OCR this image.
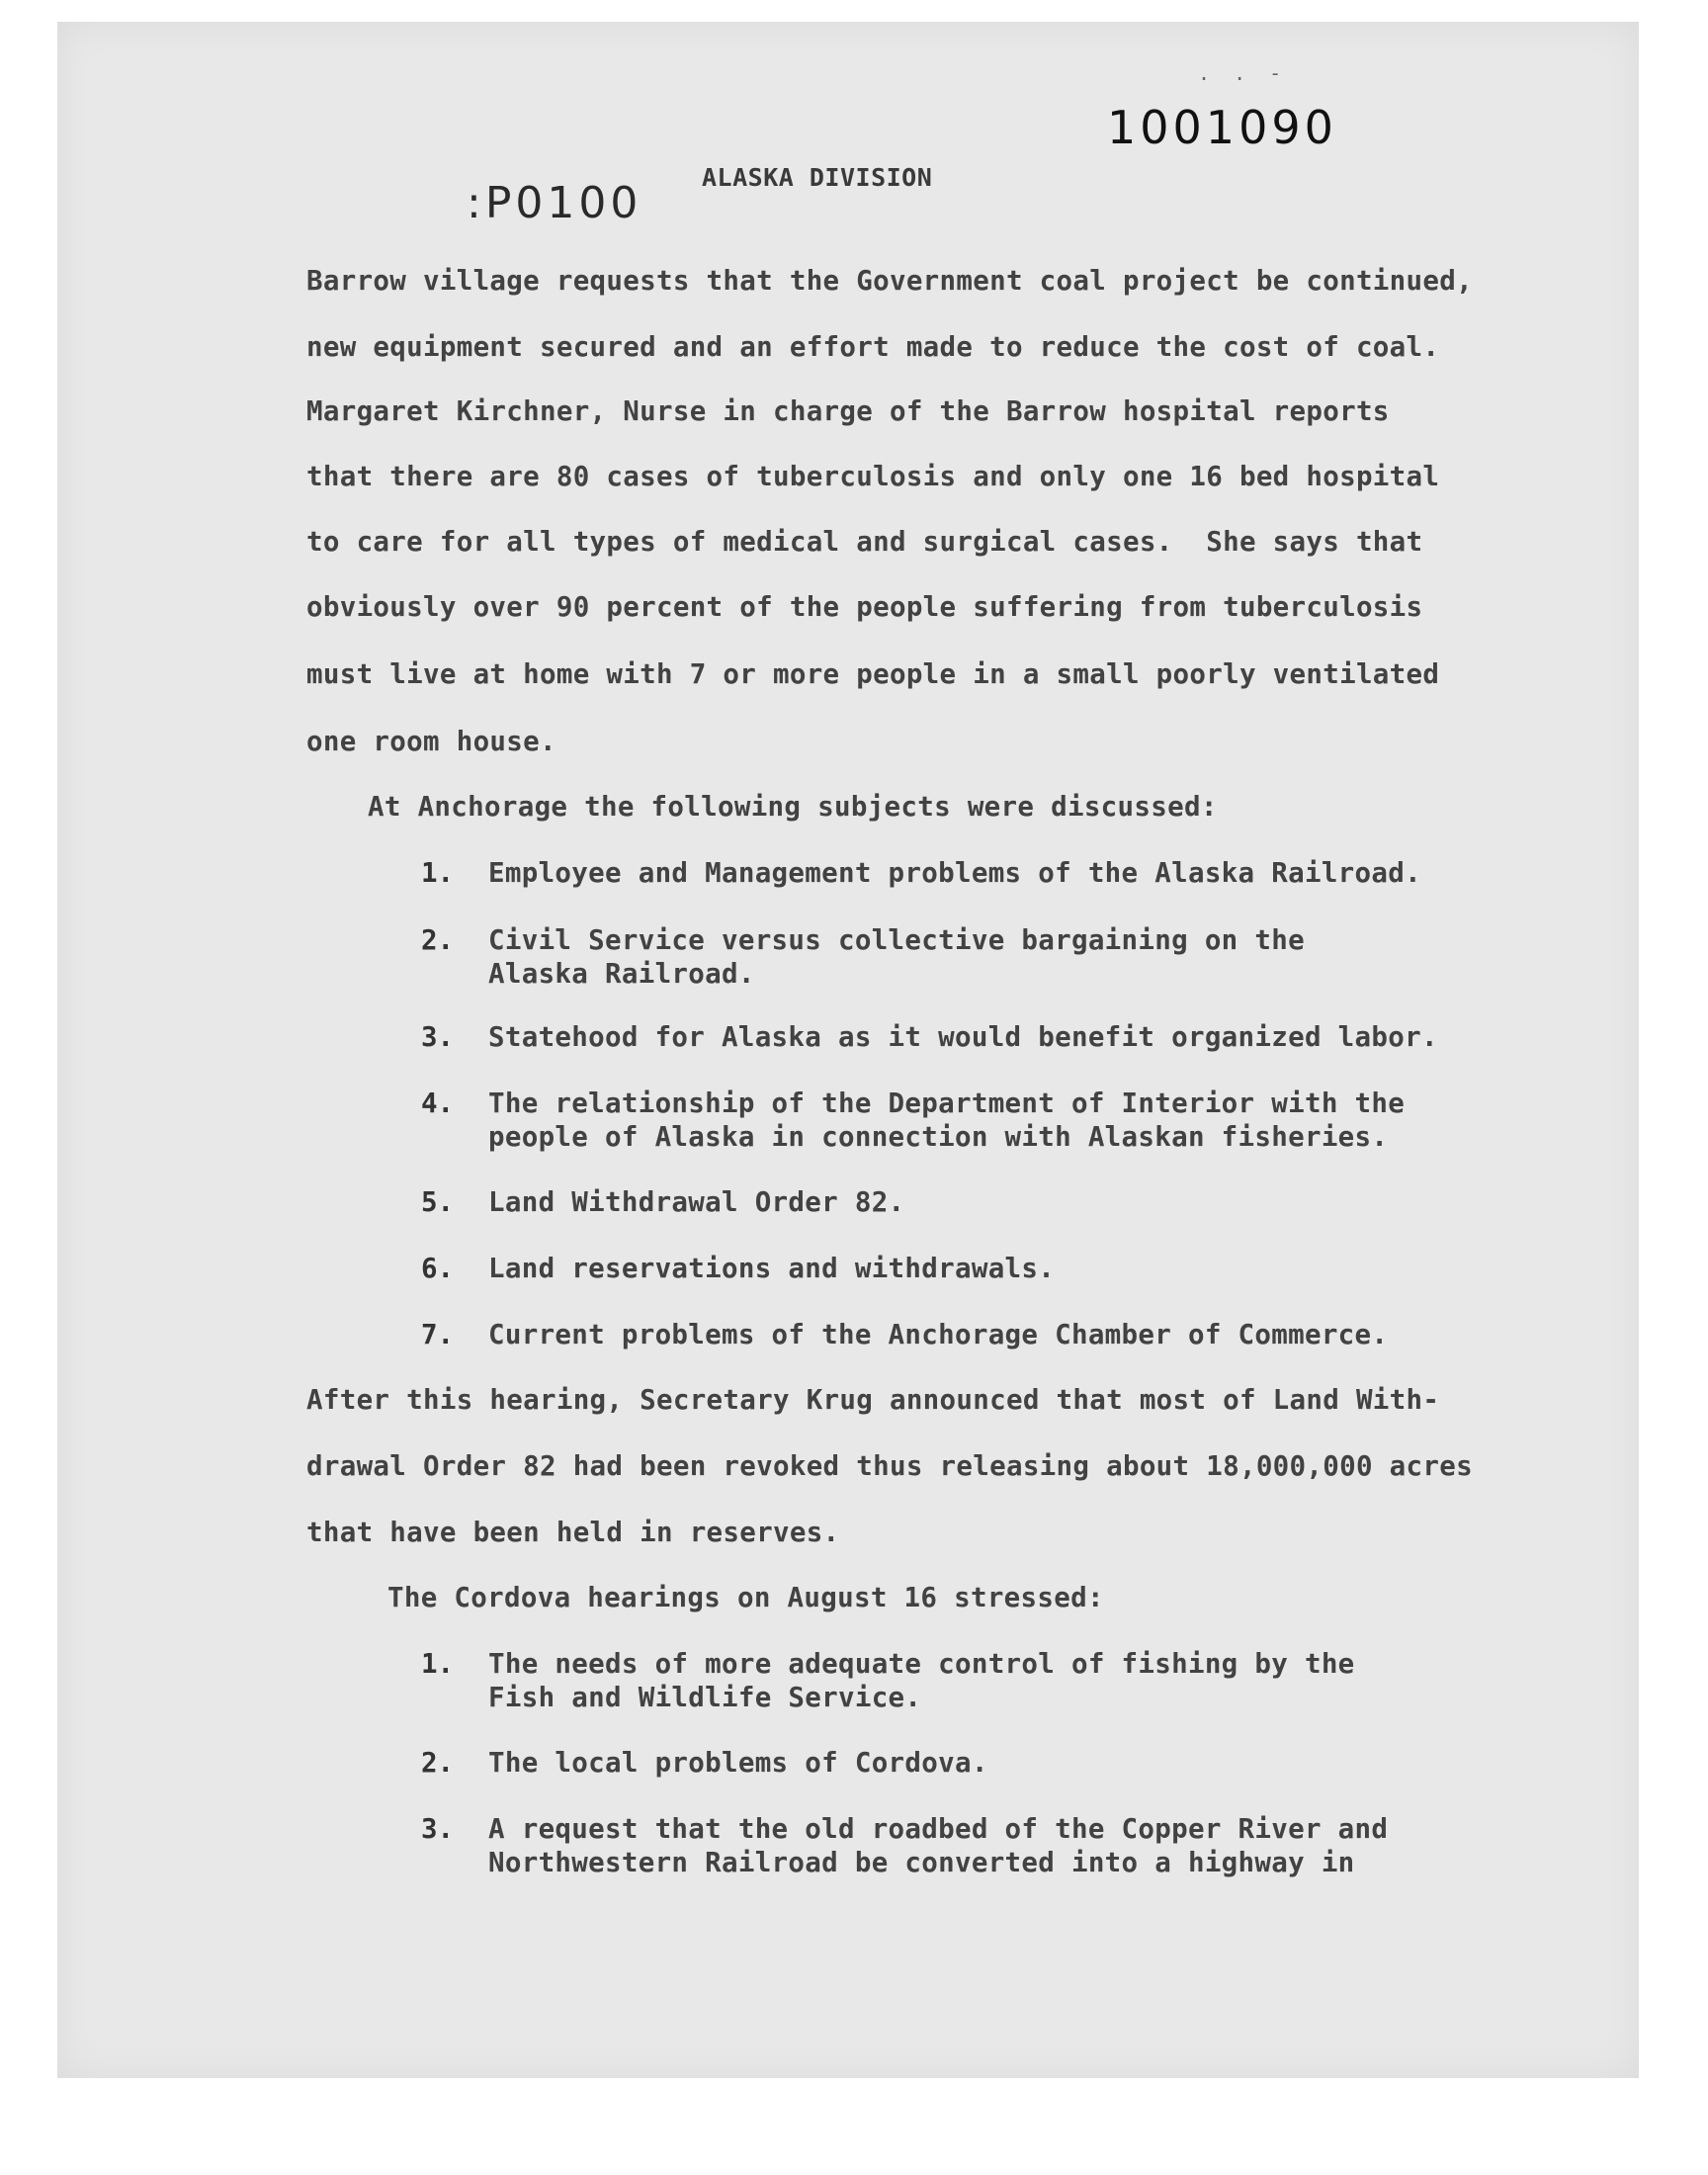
. . -
1001090
:P0100
ALASKA DIVISION
Barrow village requests that the Government coal project be continued,
new equipment secured and an effort made to reduce the cost of coal.
Margaret Kirchner, Nurse in charge of the Barrow hospital reports
that there are 80 cases of tuberculosis and only one 16 bed hospital
to care for all types of medical and surgical cases.  She says that
obviously over 90 percent of the people suffering from tuberculosis
must live at home with 7 or more people in a small poorly ventilated
one room house.
At Anchorage the following subjects were discussed:
1. Employee and Management problems of the Alaska Railroad.
2. Civil Service versus collective bargaining on the
Alaska Railroad.
3. Statehood for Alaska as it would benefit organized labor.
4. The relationship of the Department of Interior with the
people of Alaska in connection with Alaskan fisheries.
5. Land Withdrawal Order 82.
6. Land reservations and withdrawals.
7. Current problems of the Anchorage Chamber of Commerce.
After this hearing, Secretary Krug announced that most of Land With-
drawal Order 82 had been revoked thus releasing about 18,000,000 acres
that have been held in reserves.
The Cordova hearings on August 16 stressed:
1. The needs of more adequate control of fishing by the
Fish and Wildlife Service.
2. The local problems of Cordova.
3. A request that the old roadbed of the Copper River and
Northwestern Railroad be converted into a highway in
